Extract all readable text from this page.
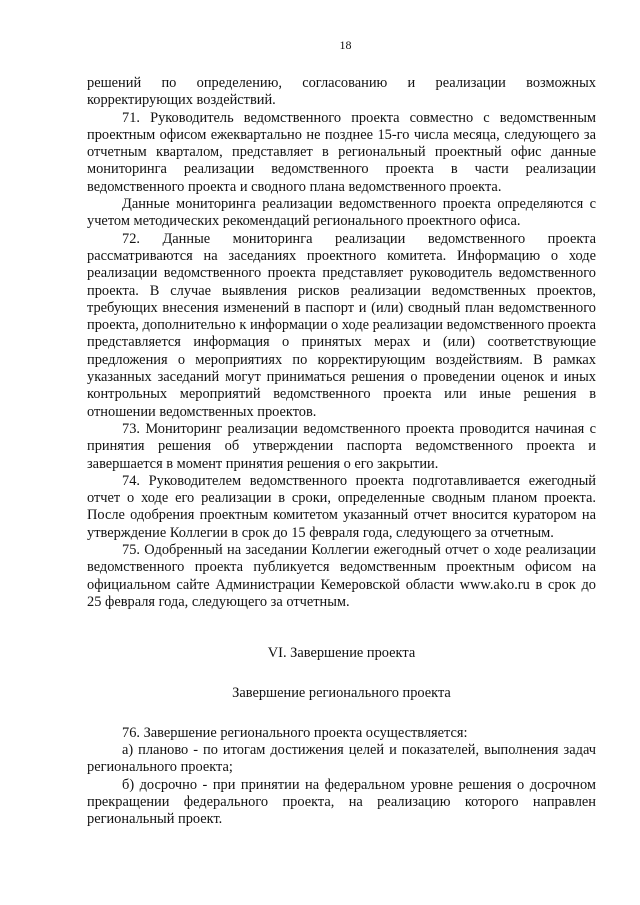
18

решений по определению, согласованию и реализации возможных корректирующих воздействий.

71. Руководитель ведомственного проекта совместно с ведомственным проектным офисом ежеквартально не позднее 15-го числа месяца, следующего за отчетным кварталом, представляет в региональный проектный офис данные мониторинга реализации ведомственного проекта в части реализации ведомственного проекта и сводного плана ведомственного проекта.

Данные мониторинга реализации ведомственного проекта определяются с учетом методических рекомендаций регионального проектного офиса.

72. Данные мониторинга реализации ведомственного проекта рассматриваются на заседаниях проектного комитета. Информацию о ходе реализации ведомственного проекта представляет руководитель ведомственного проекта. В случае выявления рисков реализации ведомственных проектов, требующих внесения изменений в паспорт и (или) сводный план ведомственного проекта, дополнительно к информации о ходе реализации ведомственного проекта представляется информация о принятых мерах и (или) соответствующие предложения о мероприятиях по корректирующим воздействиям. В рамках указанных заседаний могут приниматься решения о проведении оценок и иных контрольных мероприятий ведомственного проекта или иные решения в отношении ведомственных проектов.

73. Мониторинг реализации ведомственного проекта проводится начиная с принятия решения об утверждении паспорта ведомственного проекта и завершается в момент принятия решения о его закрытии.

74. Руководителем ведомственного проекта подготавливается ежегодный отчет о ходе его реализации в сроки, определенные сводным планом проекта. После одобрения проектным комитетом указанный отчет вносится куратором на утверждение Коллегии в срок до 15 февраля года, следующего за отчетным.

75. Одобренный на заседании Коллегии ежегодный отчет о ходе реализации ведомственного проекта публикуется ведомственным проектным офисом на официальном сайте Администрации Кемеровской области www.ako.ru в срок до 25 февраля года, следующего за отчетным.

VI. Завершение проекта
Завершение регионального проекта

76. Завершение регионального проекта осуществляется:

а) планово - по итогам достижения целей и показателей, выполнения задач регионального проекта;

б) досрочно - при принятии на федеральном уровне решения о досрочном прекращении федерального проекта, на реализацию которого направлен региональный проект.
